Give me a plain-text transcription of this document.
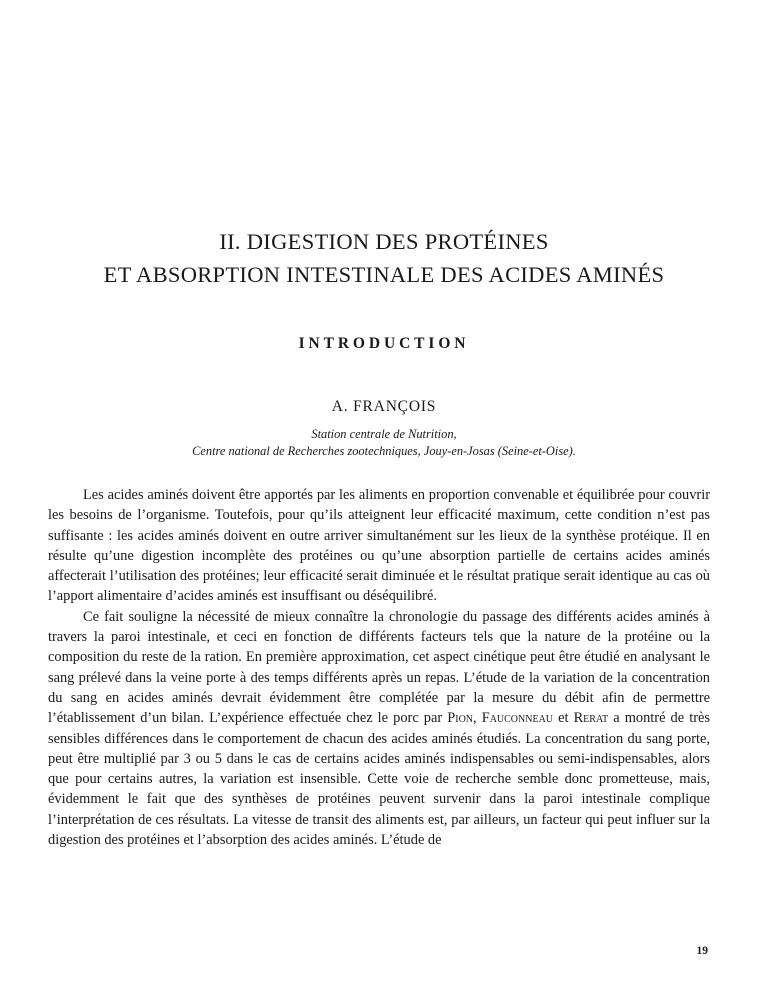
II. DIGESTION DES PROTÉINES
ET ABSORPTION INTESTINALE DES ACIDES AMINÉS
INTRODUCTION
A. FRANÇOIS
Station centrale de Nutrition,
Centre national de Recherches zootechniques, Jouy-en-Josas (Seine-et-Oise).

Les acides aminés doivent être apportés par les aliments en proportion convenable et équilibrée pour couvrir les besoins de l’organisme. Toutefois, pour qu’ils atteignent leur efficacité maximum, cette condition n’est pas suffisante : les acides aminés doivent en outre arriver simultanément sur les lieux de la synthèse protéique. Il en résulte qu’une digestion incomplète des protéines ou qu’une absorption partielle de certains acides aminés affecterait l’utilisation des protéines; leur efficacité serait diminuée et le résultat pratique serait identique au cas où l’apport alimentaire d’acides aminés est insuffisant ou déséquilibré.

Ce fait souligne la nécessité de mieux connaître la chronologie du passage des différents acides aminés à travers la paroi intestinale, et ceci en fonction de différents facteurs tels que la nature de la protéine ou la composition du reste de la ration. En première approximation, cet aspect cinétique peut être étudié en analysant le sang prélevé dans la veine porte à des temps différents après un repas. L’étude de la variation de la concentration du sang en acides aminés devrait évidemment être complétée par la mesure du débit afin de permettre l’établissement d’un bilan. L’expérience effectuée chez le porc par Pion, Fauconneau et Rerat a montré de très sensibles différences dans le comportement de chacun des acides aminés étudiés. La concentration du sang porte, peut être multiplié par 3 ou 5 dans le cas de certains acides aminés indispensables ou semi-indispensables, alors que pour certains autres, la variation est insensible. Cette voie de recherche semble donc prometteuse, mais, évidemment le fait que des synthèses de protéines peuvent survenir dans la paroi intestinale complique l’interprétation de ces résultats. La vitesse de transit des aliments est, par ailleurs, un facteur qui peut influer sur la digestion des protéines et l’absorption des acides aminés. L’étude de

19
